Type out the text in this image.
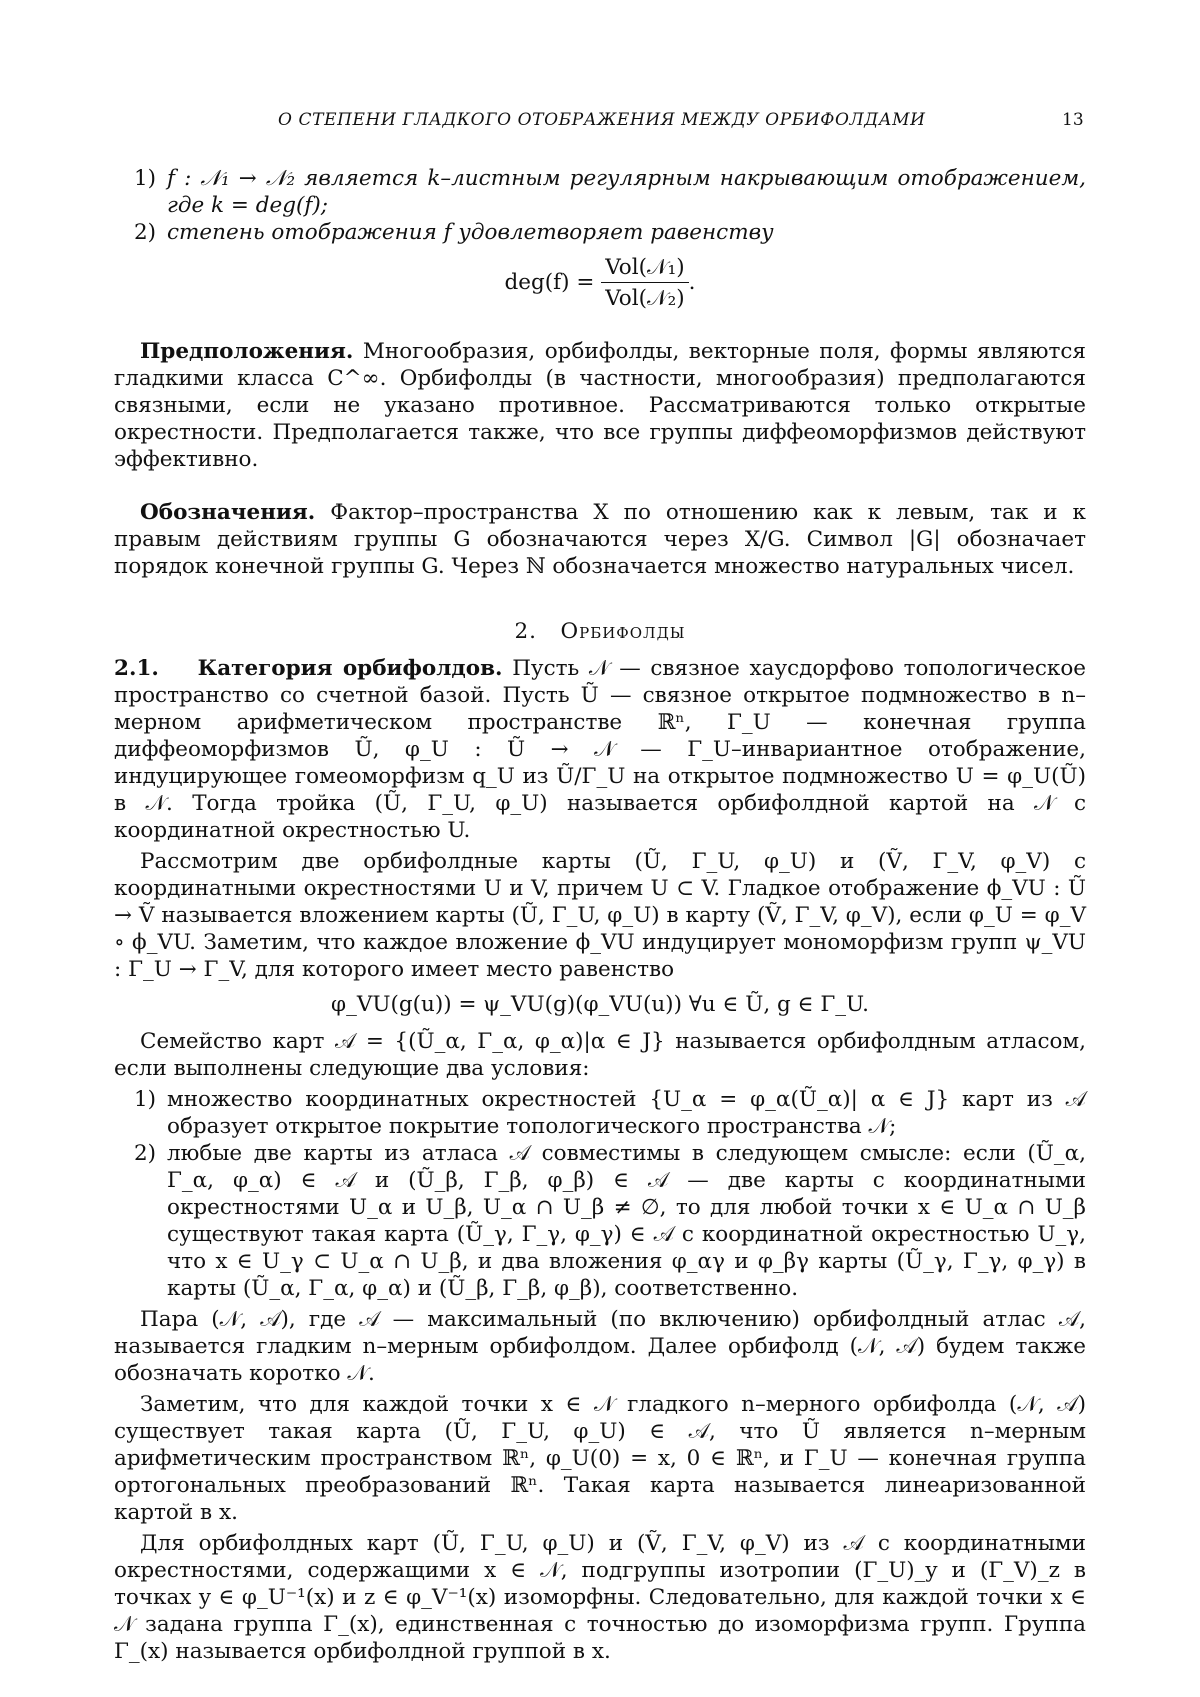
О СТЕПЕНИ ГЛАДКОГО ОТОБРАЖЕНИЯ МЕЖДУ ОРБИФОЛДАМИ	13
1) f : 𝒩₁ → 𝒩₂ является k–листным регулярным накрывающим отображением, где k = deg(f);
2) степень отображения f удовлетворяет равенству
$deg(f) = \frac{\text{Vol(𝒩₁)}}{\text{Vol(𝒩₂)}}$ .

Предположения. Многообразия, орбифолды, векторные поля, формы являются гладкими класса C^∞. Орбифолды (в частности, многообразия) предполагаются связными, если не указано противное. Рассматриваются только открытые окрестности. Предполагается также, что все группы диффеоморфизмов действуют эффективно.

Обозначения. Фактор–пространства X по отношению как к левым, так и к правым действиям группы G обозначаются через X/G. Символ |G| обозначает порядок конечной группы G. Через ℕ обозначается множество натуральных чисел.

2. Орбифолды

2.1. Категория орбифолдов. Пусть 𝒩 — связное хаусдорфово топологическое пространство со счетной базой. Пусть Ũ — связное открытое подмножество в n–мерном арифметическом пространстве ℝⁿ, Γ_U — конечная группа диффеоморфизмов Ũ, φ_U : Ũ → 𝒩 — Γ_U–инвариантное отображение, индуцирующее гомеоморфизм q_U из Ũ/Γ_U на открытое подмножество U = φ_U(Ũ) в 𝒩. Тогда тройка (Ũ, Γ_U, φ_U) называется орбифолдной картой на 𝒩 с координатной окрестностью U.

Рассмотрим две орбифолдные карты (Ũ, Γ_U, φ_U) и (Ṽ, Γ_V, φ_V) с координатными окрестностями U и V, причем U ⊂ V. Гладкое отображение ϕ_VU : Ũ → Ṽ называется вложением карты (Ũ, Γ_U, φ_U) в карту (Ṽ, Γ_V, φ_V), если φ_U = φ_V ∘ ϕ_VU. Заметим, что каждое вложение ϕ_VU индуцирует мономорфизм групп ψ_VU : Γ_U → Γ_V, для которого имеет место равенство

φ_VU(g(u)) = ψ_VU(g)(φ_VU(u)) ∀u ∈ Ũ, g ∈ Γ_U.

Семейство карт 𝒜 = {(Ũ_α, Γ_α, φ_α)|α ∈ J} называется орбифолдным атласом, если выполнены следующие два условия:

1) множество координатных окрестностей {U_α = φ_α(Ũ_α)| α ∈ J} карт из 𝒜 образует открытое покрытие топологического пространства 𝒩;
2) любые две карты из атласа 𝒜 совместимы в следующем смысле: если (Ũ_α, Γ_α, φ_α) ∈ 𝒜 и (Ũ_β, Γ_β, φ_β) ∈ 𝒜 — две карты с координатными окрестностями U_α и U_β, U_α ∩ U_β ≠ ∅, то для любой точки x ∈ U_α ∩ U_β существуют такая карта (Ũ_γ, Γ_γ, φ_γ) ∈ 𝒜 с координатной окрестностью U_γ, что x ∈ U_γ ⊂ U_α ∩ U_β, и два вложения φ_αγ и φ_βγ карты (Ũ_γ, Γ_γ, φ_γ) в карты (Ũ_α, Γ_α, φ_α) и (Ũ_β, Γ_β, φ_β), соответственно.

Пара (𝒩, 𝒜), где 𝒜 — максимальный (по включению) орбифолдный атлас 𝒜, называется гладким n–мерным орбифолдом. Далее орбифолд (𝒩, 𝒜) будем также обозначать коротко 𝒩.

Заметим, что для каждой точки x ∈ 𝒩 гладкого n–мерного орбифолда (𝒩, 𝒜) существует такая карта (Ũ, Γ_U, φ_U) ∈ 𝒜, что Ũ является n–мерным арифметическим пространством ℝⁿ, φ_U(0) = x, 0 ∈ ℝⁿ, и Γ_U — конечная группа ортогональных преобразований ℝⁿ. Такая карта называется линеаризованной картой в x.

Для орбифолдных карт (Ũ, Γ_U, φ_U) и (Ṽ, Γ_V, φ_V) из 𝒜 с координатными окрестностями, содержащими x ∈ 𝒩, подгруппы изотропии (Γ_U)_y и (Γ_V)_z в точках y ∈ φ_U⁻¹(x) и z ∈ φ_V⁻¹(x) изоморфны. Следовательно, для каждой точки x ∈ 𝒩 задана группа Γ_(x), единственная с точностью до изоморфизма групп. Группа Γ_(x) называется орбифолдной группой в x.
